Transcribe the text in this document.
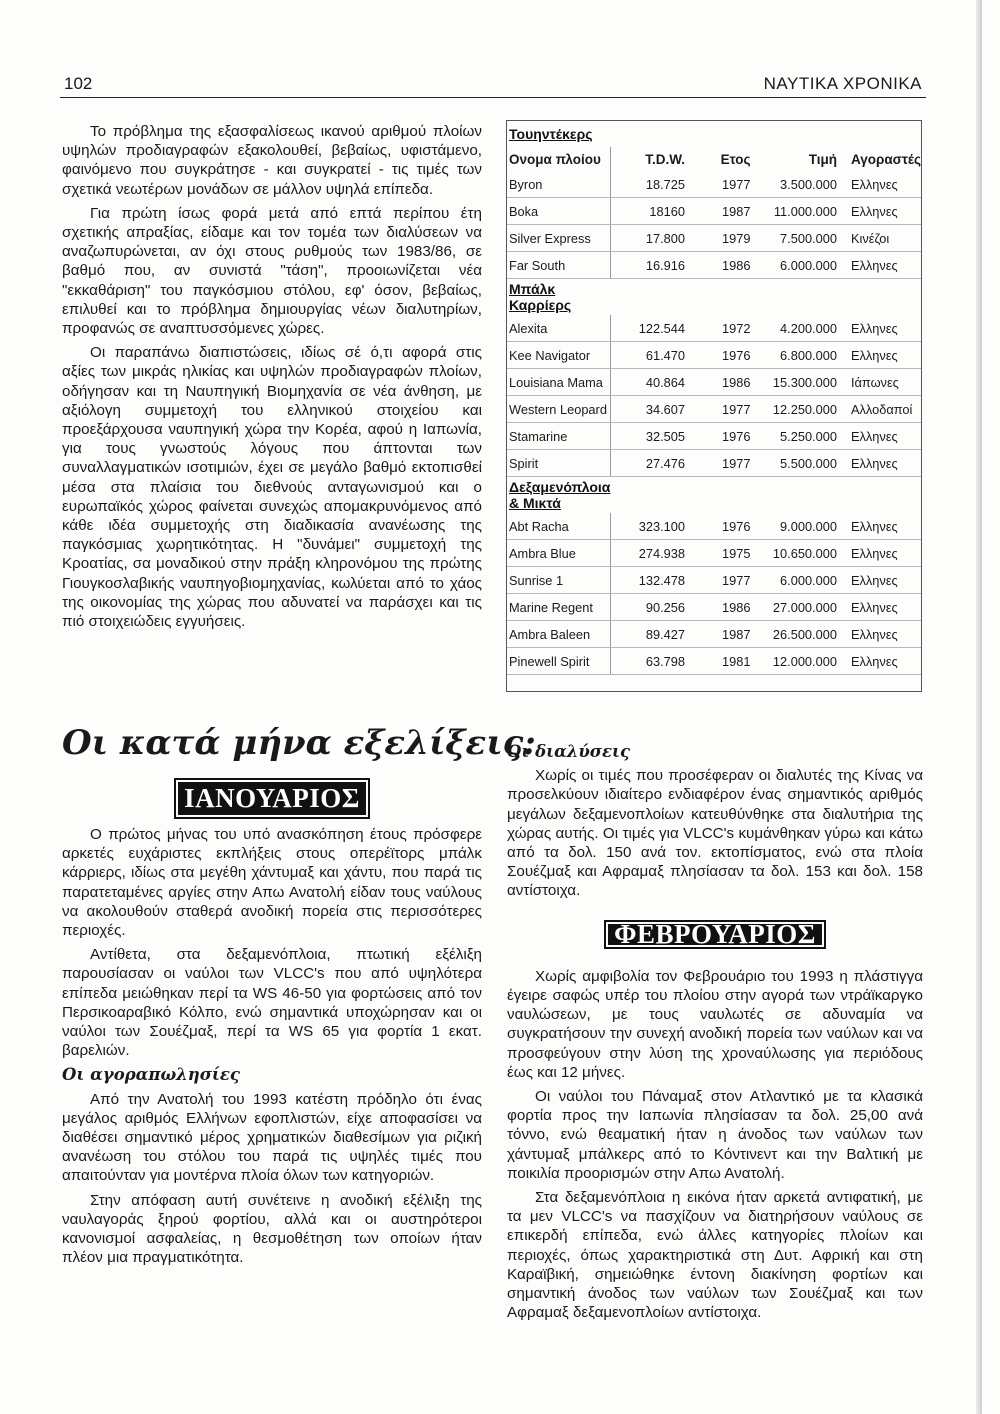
102	ΝΑΥΤΙΚΑ ΧΡΟΝΙΚΑ

Το πρόβλημα της εξασφαλίσεως ικανού αριθμού πλοίων υψηλών προδιαγραφών εξακολουθεί, βεβαίως, υφιστάμενο, φαινόμενο που συγκράτησε - και συγκρατεί - τις τιμές των σχετικά νεωτέρων μονάδων σε μάλλον υψηλά επίπεδα.

Για πρώτη ίσως φορά μετά από επτά περίπου έτη σχετικής απραξίας, είδαμε και τον τομέα των διαλύσεων να αναζωπυρώνεται, αν όχι στους ρυθμούς των 1983/86, σε βαθμό που, αν συνιστά "τάση", προοιωνίζεται νέα "εκκαθάριση" του παγκόσμιου στόλου, εφ' όσον, βεβαίως, επιλυθεί και το πρόβλημα δημιουργίας νέων διαλυτηρίων, προφανώς σε αναπτυσσόμενες χώρες.

Οι παραπάνω διαπιστώσεις, ιδίως σέ ό,τι αφορά στις αξίες των μικράς ηλικίας και υψηλών προδιαγραφών πλοίων, οδήγησαν και τη Ναυπηγική Βιομηχανία σε νέα άνθηση, με αξιόλογη συμμετοχή του ελληνικού στοιχείου και προεξάρχουσα ναυπηγική χώρα την Κορέα, αφού η Ιαπωνία, για τους γνωστούς λόγους που άπτονται των συναλλαγματικών ισοτιμιών, έχει σε μεγάλο βαθμό εκτοπισθεί μέσα στα πλαίσια του διεθνούς ανταγωνισμού και ο ευρωπαϊκός χώρος φαίνεται συνεχώς απομακρυνόμενος από κάθε ιδέα συμμετοχής στη διαδικασία ανανέωσης της παγκόσμιας χωρητικότητας. Η "δυνάμει" συμμετοχή της Κροατίας, σα μοναδικού στην πράξη κληρονόμου της πρώτης Γιουγκοσλαβικής ναυπηγοβιομηχανίας, κωλύεται από το χάος της οικονομίας της χώρας που αδυνατεί να παράσχει και τις πιό στοιχειώδεις εγγυήσεις.

Οι κατά μήνα εξελίξεις:
ΙΑΝΟΥΑΡΙΟΣ

Ο πρώτος μήνας του υπό ανασκόπηση έτους πρόσφερε αρκετές ευχάριστες εκπλήξεις στους οπερέϊτορς μπάλκ κάρριερς, ιδίως στα μεγέθη χάντυμαξ και χάντυ, που παρά τις παρατεταμένες αργίες στην Απω Ανατολή είδαν τους ναύλους να ακολουθούν σταθερά ανοδική πορεία στις περισσότερες περιοχές.

Αντίθετα, στα δεξαμενόπλοια, πτωτική εξέλιξη παρουσίασαν οι ναύλοι των VLCC's που από υψηλότερα επίπεδα μειώθηκαν περί τα WS 46-50 για φορτώσεις από τον Περσικοαραβικό Κόλπο, ενώ σημαντικά υποχώρησαν και οι ναύλοι των Σουέζμαξ, περί τα WS 65 για φορτία 1 εκατ. βαρελιών.

Οι αγοραπωλησίες

Από την Ανατολή του 1993 κατέστη πρόδηλο ότι ένας μεγάλος αριθμός Ελλήνων εφοπλιστών, είχε αποφασίσει να διαθέσει σημαντικό μέρος χρηματικών διαθεσίμων για ριζική ανανέωση του στόλου του παρά τις υψηλές τιμές που απαιτούνταν για μοντέρνα πλοία όλων των κατηγοριών.

Στην απόφαση αυτή συνέτεινε η ανοδική εξέλιξη της ναυλαγοράς ξηρού φορτίου, αλλά και οι αυστηρότεροι κανονισμοί ασφαλείας, η θεσμοθέτηση των οποίων ήταν πλέον μια πραγματικότητα.

Τουηντέκερς				

Ονομα πλοίου	T.D.W.	Ετος	Τιμή	Αγοραστές
Byron	18.725	1977	3.500.000	Ελληνες
Boka	18160	1987	11.000.000	Ελληνες
Silver Express	17.800	1979	7.500.000	Κινέζοι
Far South	16.916	1986	6.000.000	Ελληνες

Μπάλκ Καρρίερς				

Alexita	122.544	1972	4.200.000	Ελληνες
Kee Navigator	61.470	1976	6.800.000	Ελληνες
Louisiana Mama	40.864	1986	15.300.000	Ιάπωνες
Western Leopard	34.607	1977	12.250.000	Αλλοδαποί
Stamarine	32.505	1976	5.250.000	Ελληνες
Spirit	27.476	1977	5.500.000	Ελληνες

Δεξαμενόπλοια & Μικτά				

Abt Racha	323.100	1976	9.000.000	Ελληνες
Ambra Blue	274.938	1975	10.650.000	Ελληνες
Sunrise 1	132.478	1977	6.000.000	Ελληνες
Marine Regent	90.256	1986	27.000.000	Ελληνες
Ambra Baleen	89.427	1987	26.500.000	Ελληνες
Pinewell Spirit	63.798	1981	12.000.000	Ελληνες

Οι διαλύσεις

Χωρίς οι τιμές που προσέφεραν οι διαλυτές της Κίνας να προσελκύουν ιδιαίτερο ενδιαφέρον ένας σημαντικός αριθμός μεγάλων δεξαμενοπλοίων κατευθύνθηκε στα διαλυτήρια της χώρας αυτής. Οι τιμές για VLCC's κυμάνθηκαν γύρω και κάτω από τα δολ. 150 ανά τον. εκτοπίσματος, ενώ στα πλοία Σουέζμαξ και Αφραμαξ πλησίασαν τα δολ. 153 και δολ. 158 αντίστοιχα.

ΦΕΒΡΟΥΑΡΙΟΣ

Χωρίς αμφιβολία τον Φεβρουάριο του 1993 η πλάστιγγα έγειρε σαφώς υπέρ του πλοίου στην αγορά των ντράϊκαργκο ναυλώσεων, με τους ναυλωτές σε αδυναμία να συγκρατήσουν την συνεχή ανοδική πορεία των ναύλων και να προσφεύγουν στην λύση της χροναύλωσης για περιόδους έως και 12 μήνες.

Οι ναύλοι του Πάναμαξ στον Ατλαντικό με τα κλασικά φορτία προς την Ιαπωνία πλησίασαν τα δολ. 25,00 ανά τόννο, ενώ θεαματική ήταν η άνοδος των ναύλων των χάντυμαξ μπάλκερς από το Κόντινεντ και την Βαλτική με ποικιλία προορισμών στην Απω Ανατολή.

Στα δεξαμενόπλοια η εικόνα ήταν αρκετά αντιφατική, με τα μεν VLCC's να πασχίζουν να διατηρήσουν ναύλους σε επικερδή επίπεδα, ενώ άλλες κατηγορίες πλοίων και περιοχές, όπως χαρακτηριστικά στη Δυτ. Αφρική και στη Καραϊβική, σημειώθηκε έντονη διακίνηση φορτίων και σημαντική άνοδος των ναύλων των Σουέζμαξ και των Αφραμαξ δεξαμενοπλοίων αντίστοιχα.
